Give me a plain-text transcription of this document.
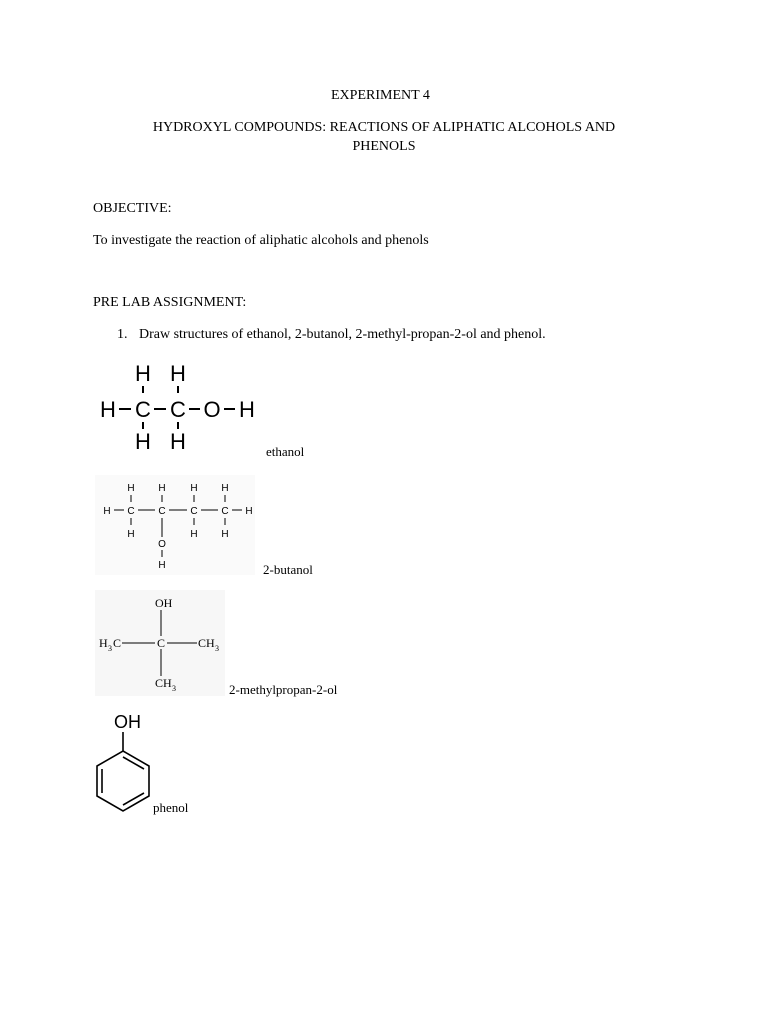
EXPERIMENT 4
HYDROXYL COMPOUNDS: REACTIONS OF ALIPHATIC ALCOHOLS AND
PHENOLS
OBJECTIVE:
To investigate the reaction of aliphatic alcohols and phenols
PRE LAB ASSIGNMENT:
1. Draw structures of ethanol, 2-butanol, 2-methyl-propan-2-ol and phenol.
H H
H C C O H
H H	ethanol
H H H H
H C C C C H
H	H H
O
H	2-butanol
OH
H 3 C	C	CH 3
CH 3	2-methylpropan-2-ol
OH
phenol
